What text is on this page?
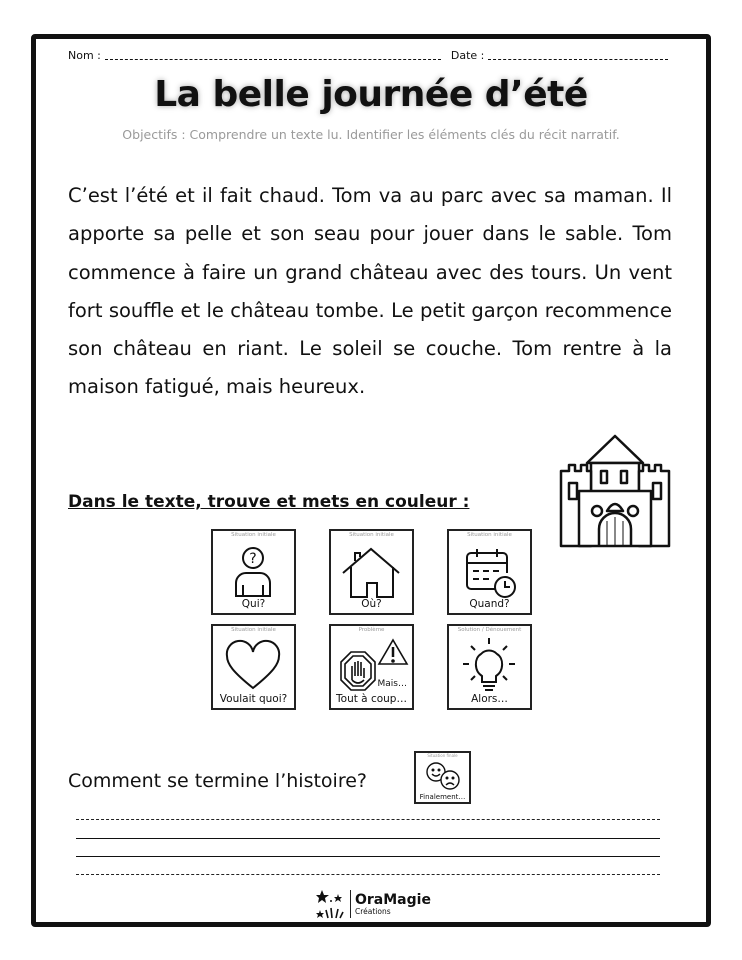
Nom :	Date :
La belle journée d’été
Objectifs : Comprendre un texte lu. Identifier les éléments clés du récit narratif.
C’est l’été et il fait chaud. Tom va au parc avec sa maman. Il apporte sa pelle et son seau pour jouer dans le sable. Tom commence à faire un grand château avec des tours. Un vent fort souffle et le château tombe. Le petit garçon recommence son château en riant. Le soleil se couche. Tom rentre à la maison fatigué, mais heureux.
Dans le texte, trouve et mets en couleur :
Situation initiale
?
Qui?
Situation initiale
Où?
Situation initiale
Quand?
Situation initiale
Voulait quoi?
Problème
Mais…
Tout à coup…
Solution / Dénouement
Alors…
Comment se termine l’histoire?
Situation finale
Finalement…
OraMagie
Créations
